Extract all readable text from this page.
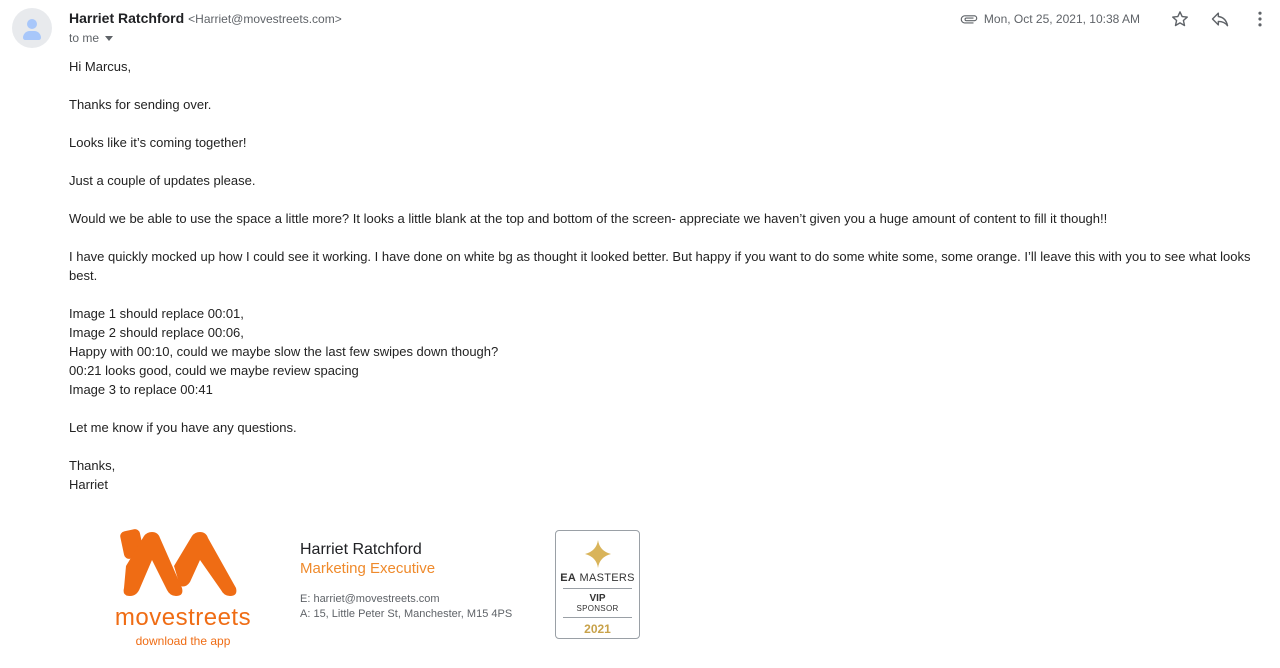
Harriet Ratchford <Harriet@movestreets.com>
to me
Mon, Oct 25, 2021, 10:38 AM

Hi Marcus,

Thanks for sending over.

Looks like it’s coming together!

Just a couple of updates please.

Would we be able to use the space a little more? It looks a little blank at the top and bottom of the screen- appreciate we haven’t given you a huge amount of content to fill it though!!

I have quickly mocked up how I could see it working. I have done on white bg as thought it looked better. But happy if you want to do some white some, some orange. I’ll leave this with you to see what looks best.

Image 1 should replace 00:01,
Image 2 should replace 00:06,
Happy with 00:10, could we maybe slow the last few swipes down though?
00:21 looks good, could we maybe review spacing
Image 3 to replace 00:41

Let me know if you have any questions.

Thanks,
Harriet

movestreets
download the app
Harriet Ratchford
Marketing Executive
E: harriet@movestreets.com
A: 15, Little Peter St, Manchester, M15 4PS
EA MASTERS
VIP
SPONSOR
2021
